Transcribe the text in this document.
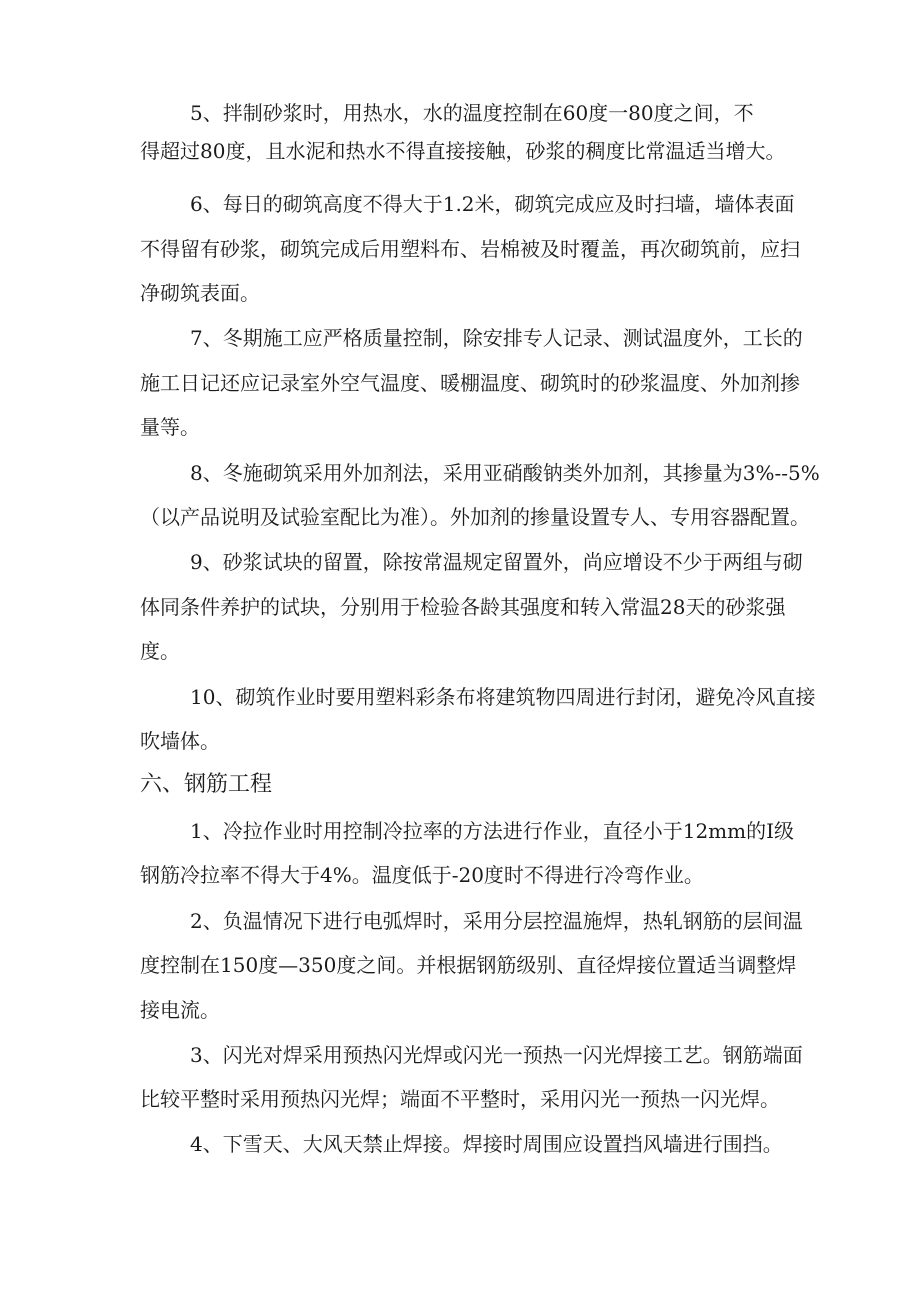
5、拌制砂浆时，用热水，水的温度控制在60度一80度之间，不
得超过80度，且水泥和热水不得直接接触，砂浆的稠度比常温适当增大。
6、每日的砌筑高度不得大于1.2米，砌筑完成应及时扫墙，墙体表面
不得留有砂浆，砌筑完成后用塑料布、岩棉被及时覆盖，再次砌筑前，应扫
净砌筑表面。
7、冬期施工应严格质量控制，除安排专人记录、测试温度外，工长的
施工日记还应记录室外空气温度、暖棚温度、砌筑时的砂浆温度、外加剂掺
量等。
8、冬施砌筑采用外加剂法，采用亚硝酸钠类外加剂，其掺量为3%--5%
（以产品说明及试验室配比为准）。外加剂的掺量设置专人、专用容器配置。
9、砂浆试块的留置，除按常温规定留置外，尚应增设不少于两组与砌
体同条件养护的试块，分别用于检验各龄其强度和转入常温28天的砂浆强
度。
10、砌筑作业时要用塑料彩条布将建筑物四周进行封闭，避免冷风直接
吹墙体。
六、钢筋工程
1、冷拉作业时用控制冷拉率的方法进行作业，直径小于12mm的I级
钢筋冷拉率不得大于4%。温度低于-20度时不得进行冷弯作业。
2、负温情况下进行电弧焊时，采用分层控温施焊，热轧钢筋的层间温
度控制在150度—350度之间。并根据钢筋级别、直径焊接位置适当调整焊
接电流。
3、闪光对焊采用预热闪光焊或闪光一预热一闪光焊接工艺。钢筋端面
比较平整时采用预热闪光焊；端面不平整时，采用闪光一预热一闪光焊。
4、下雪天、大风天禁止焊接。焊接时周围应设置挡风墙进行围挡。
